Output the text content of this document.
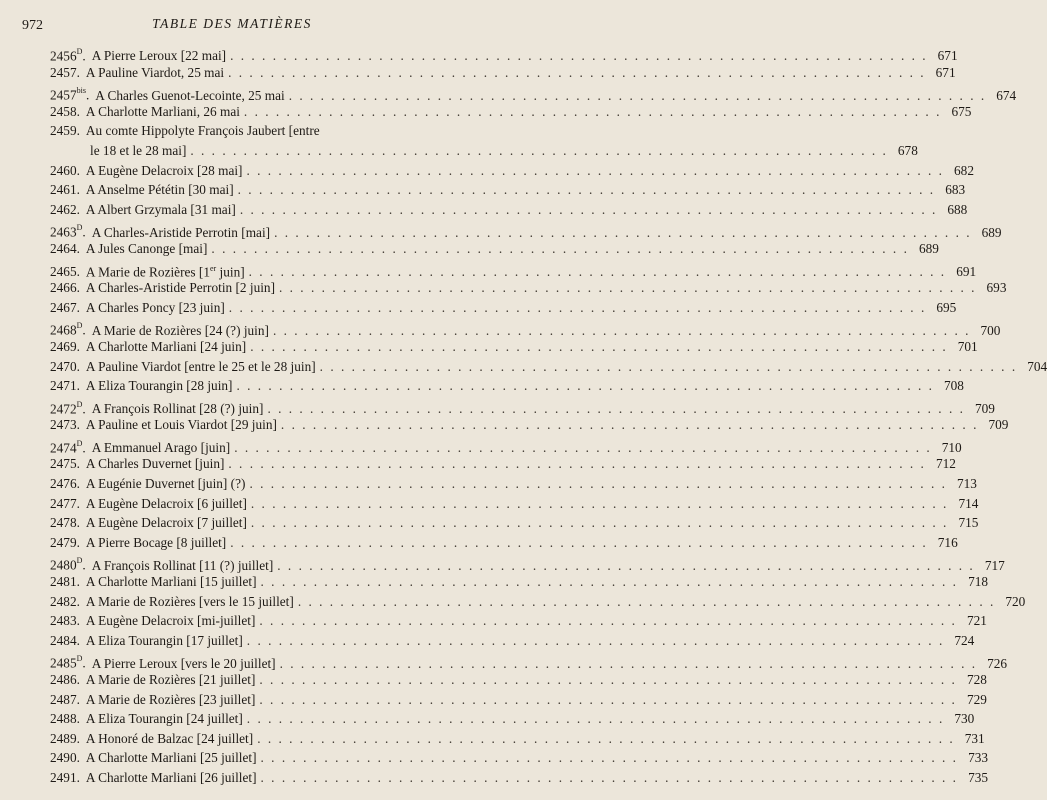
972	TABLE DES MATIÈRES
$2456^D$. A Pierre Leroux [22 mai] . . .	671
2457. A Pauline Viardot, 25 mai . . .	671
$2457^{bis}$. A Charles Guenot-Lecointe, 25 mai . . .	674
2458. A Charlotte Marliani, 26 mai . . .	675
2459. Au comte Hippolyte François Jaubert [entre
le 18 et le 28 mai] . . .	678
2460. A Eugène Delacroix [28 mai] . . .	682
2461. A Anselme Pététin [30 mai] . . .	683
2462. A Albert Grzymala [31 mai] . . .	688
$2463^D$. A Charles-Aristide Perrotin [mai] . . .	689
2464. A Jules Canonge [mai] . . .	689
2465. A Marie de Rozières [1er juin] . . .	691
2466. A Charles-Aristide Perrotin [2 juin] . . .	693
2467. A Charles Poncy [23 juin] . . .	695
$2468^D$. A Marie de Rozières [24 (?) juin] . . .	700
2469. A Charlotte Marliani [24 juin] . . .	701
2470. A Pauline Viardot [entre le 25 et le 28 juin] . . .	704
2471. A Eliza Tourangin [28 juin] . . .	708
$2472^D$. A François Rollinat [28 (?) juin] . . .	709
2473. A Pauline et Louis Viardot [29 juin] . . .	709
$2474^D$. A Emmanuel Arago [juin] . . .	710
2475. A Charles Duvernet [juin] . . .	712
2476. A Eugénie Duvernet [juin] (?) . . .	713
2477. A Eugène Delacroix [6 juillet] . . .	714
2478. A Eugène Delacroix [7 juillet] . . .	715
2479. A Pierre Bocage [8 juillet] . . .	716
$2480^D$. A François Rollinat [11 (?) juillet] . . .	717
2481. A Charlotte Marliani [15 juillet] . . .	718
2482. A Marie de Rozières [vers le 15 juillet] . . .	720
2483. A Eugène Delacroix [mi-juillet] . . .	721
2484. A Eliza Tourangin [17 juillet] . . .	724
$2485^D$. A Pierre Leroux [vers le 20 juillet] . . .	726
2486. A Marie de Rozières [21 juillet] . . .	728
2487. A Marie de Rozières [23 juillet] . . .	729
2488. A Eliza Tourangin [24 juillet] . . .	730
2489. A Honoré de Balzac [24 juillet] . . .	731
2490. A Charlotte Marliani [25 juillet] . . .	733
2491. A Charlotte Marliani [26 juillet] . . .	735
